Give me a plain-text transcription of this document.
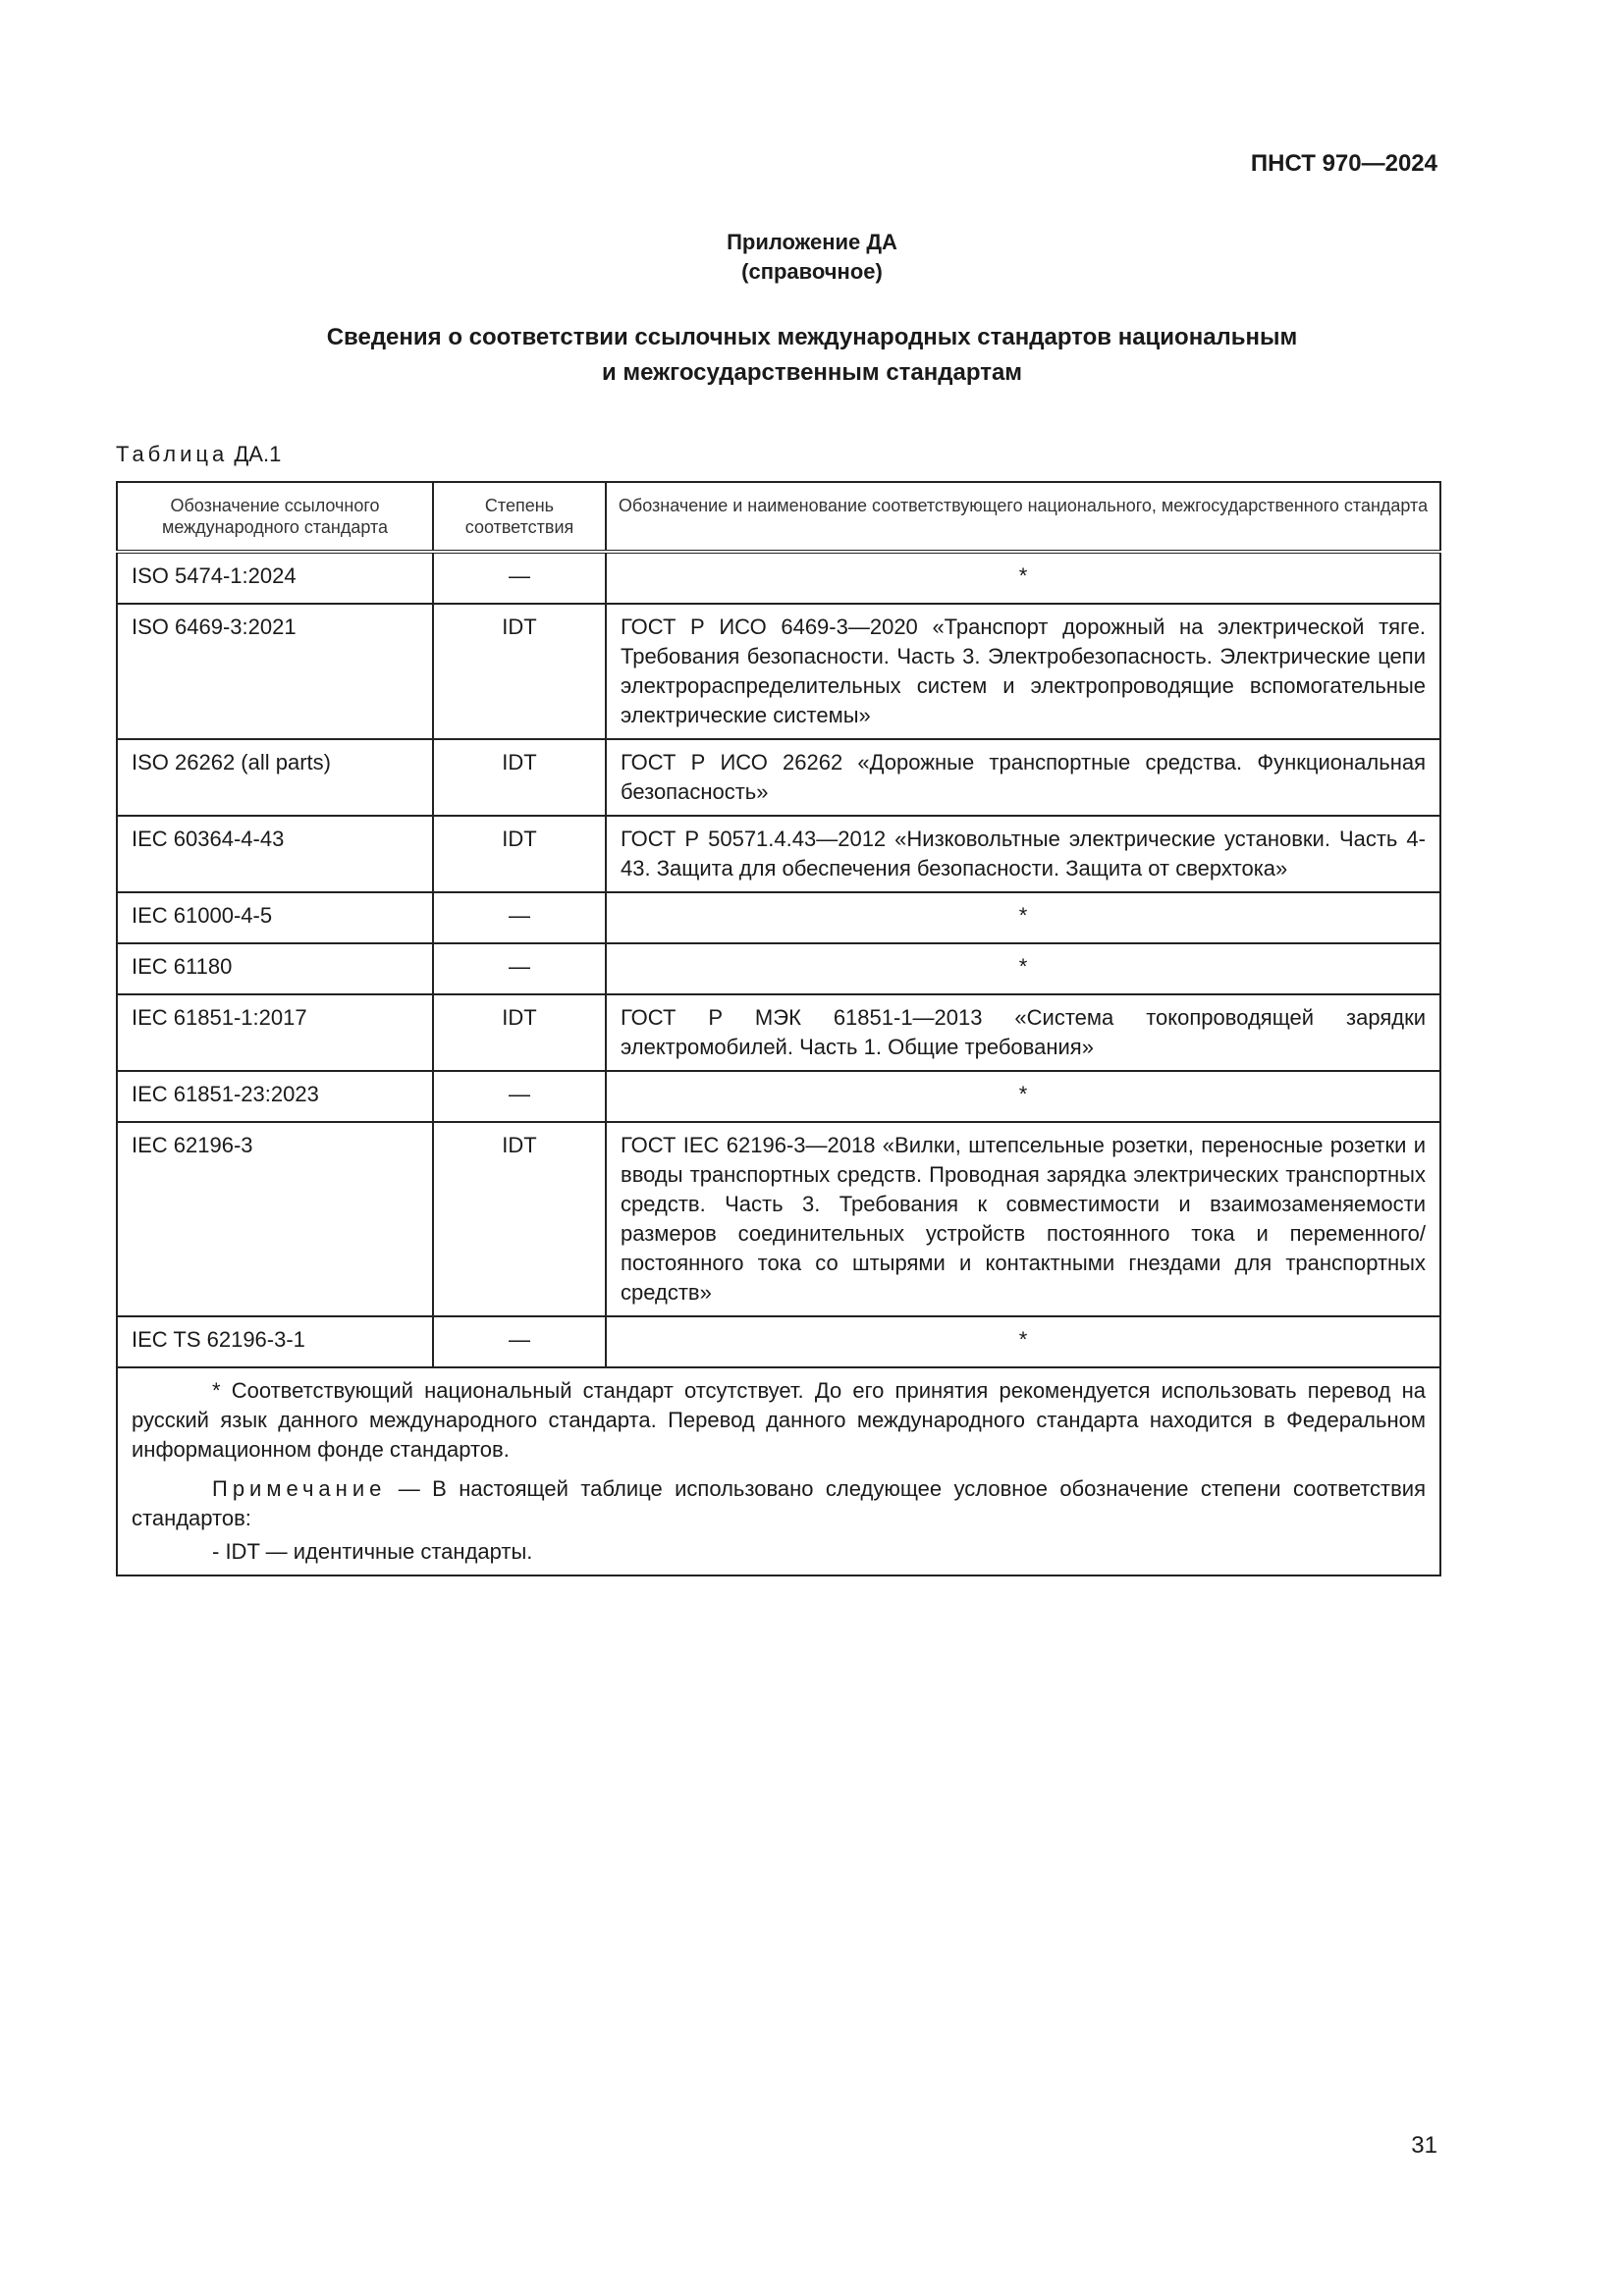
ПНСТ 970—2024
Приложение ДА
(справочное)
Сведения о соответствии ссылочных международных стандартов национальным
и межгосударственным стандартам
Таблица ДА.1
Обозначение ссылочного международного стандарта	Степень соответствия	Обозначение и наименование соответствующего национального, межгосударственного стандарта
ISO 5474-1:2024	—	*
ISO 6469-3:2021	IDT	ГОСТ Р ИСО 6469-3—2020 «Транспорт дорожный на электрической тяге. Требования безопасности. Часть 3. Электробезопасность. Электрические цепи электрораспределительных систем и электропроводящие вспомогательные электрические системы»
ISO 26262 (all parts)	IDT	ГОСТ Р ИСО 26262 «Дорожные транспортные средства. Функциональная безопасность»
IEC 60364-4-43	IDT	ГОСТ Р 50571.4.43—2012 «Низковольтные электрические установки. Часть 4-43. Защита для обеспечения безопасности. Защита от сверхтока»
IEC 61000-4-5	—	*
IEC 61180	—	*
IEC 61851-1:2017	IDT	ГОСТ Р МЭК 61851-1—2013 «Система токопроводящей зарядки электромобилей. Часть 1. Общие требования»
IEC 61851-23:2023	—	*
IEC 62196-3	IDT	ГОСТ IEC 62196-3—2018 «Вилки, штепсельные розетки, переносные розетки и вводы транспортных средств. Проводная зарядка электрических транспортных средств. Часть 3. Требования к совместимости и взаимозаменяемости размеров соединительных устройств постоянного тока и переменного/постоянного тока со штырями и контактными гнездами для транспортных средств»
IEC TS 62196-3-1	—	*

* Соответствующий национальный стандарт отсутствует. До его принятия рекомендуется использовать перевод на русский язык данного международного стандарта. Перевод данного международного стандарта находится в Федеральном информационном фонде стандартов.

Примечание — В настоящей таблице использовано следующее условное обозначение степени соответствия стандартов:

- IDT — идентичные стандарты.		
31
